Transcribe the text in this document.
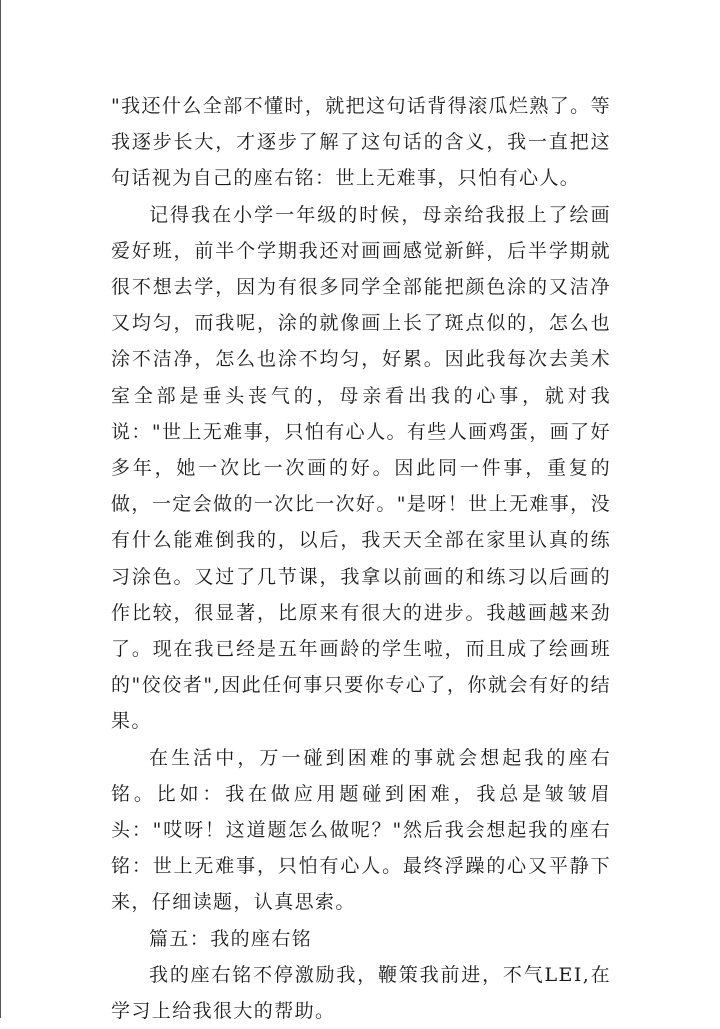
"我还什么全部不懂时，就把这句话背得滚瓜烂熟了。等我逐步长大，才逐步了解了这句话的含义，我一直把这句话视为自己的座右铭：世上无难事，只怕有心人。

记得我在小学一年级的时候，母亲给我报上了绘画爱好班，前半个学期我还对画画感觉新鲜，后半学期就很不想去学，因为有很多同学全部能把颜色涂的又洁净又均匀，而我呢，涂的就像画上长了斑点似的，怎么也涂不洁净，怎么也涂不均匀，好累。因此我每次去美术室全部是垂头丧气的，母亲看出我的心事，就对我说："世上无难事，只怕有心人。有些人画鸡蛋，画了好多年，她一次比一次画的好。因此同一件事，重复的做，一定会做的一次比一次好。"是呀！世上无难事，没有什么能难倒我的，以后，我天天全部在家里认真的练习涂色。又过了几节课，我拿以前画的和练习以后画的作比较，很显著，比原来有很大的进步。我越画越来劲了。现在我已经是五年画龄的学生啦，而且成了绘画班的"佼佼者",因此任何事只要你专心了，你就会有好的结果。

在生活中，万一碰到困难的事就会想起我的座右铭。比如：我在做应用题碰到困难，我总是皱皱眉头："哎呀！这道题怎么做呢？"然后我会想起我的座右铭：世上无难事，只怕有心人。最终浮躁的心又平静下来，仔细读题，认真思索。

篇五：我的座右铭

我的座右铭不停激励我，鞭策我前进，不气LEI,在学习上给我很大的帮助。
